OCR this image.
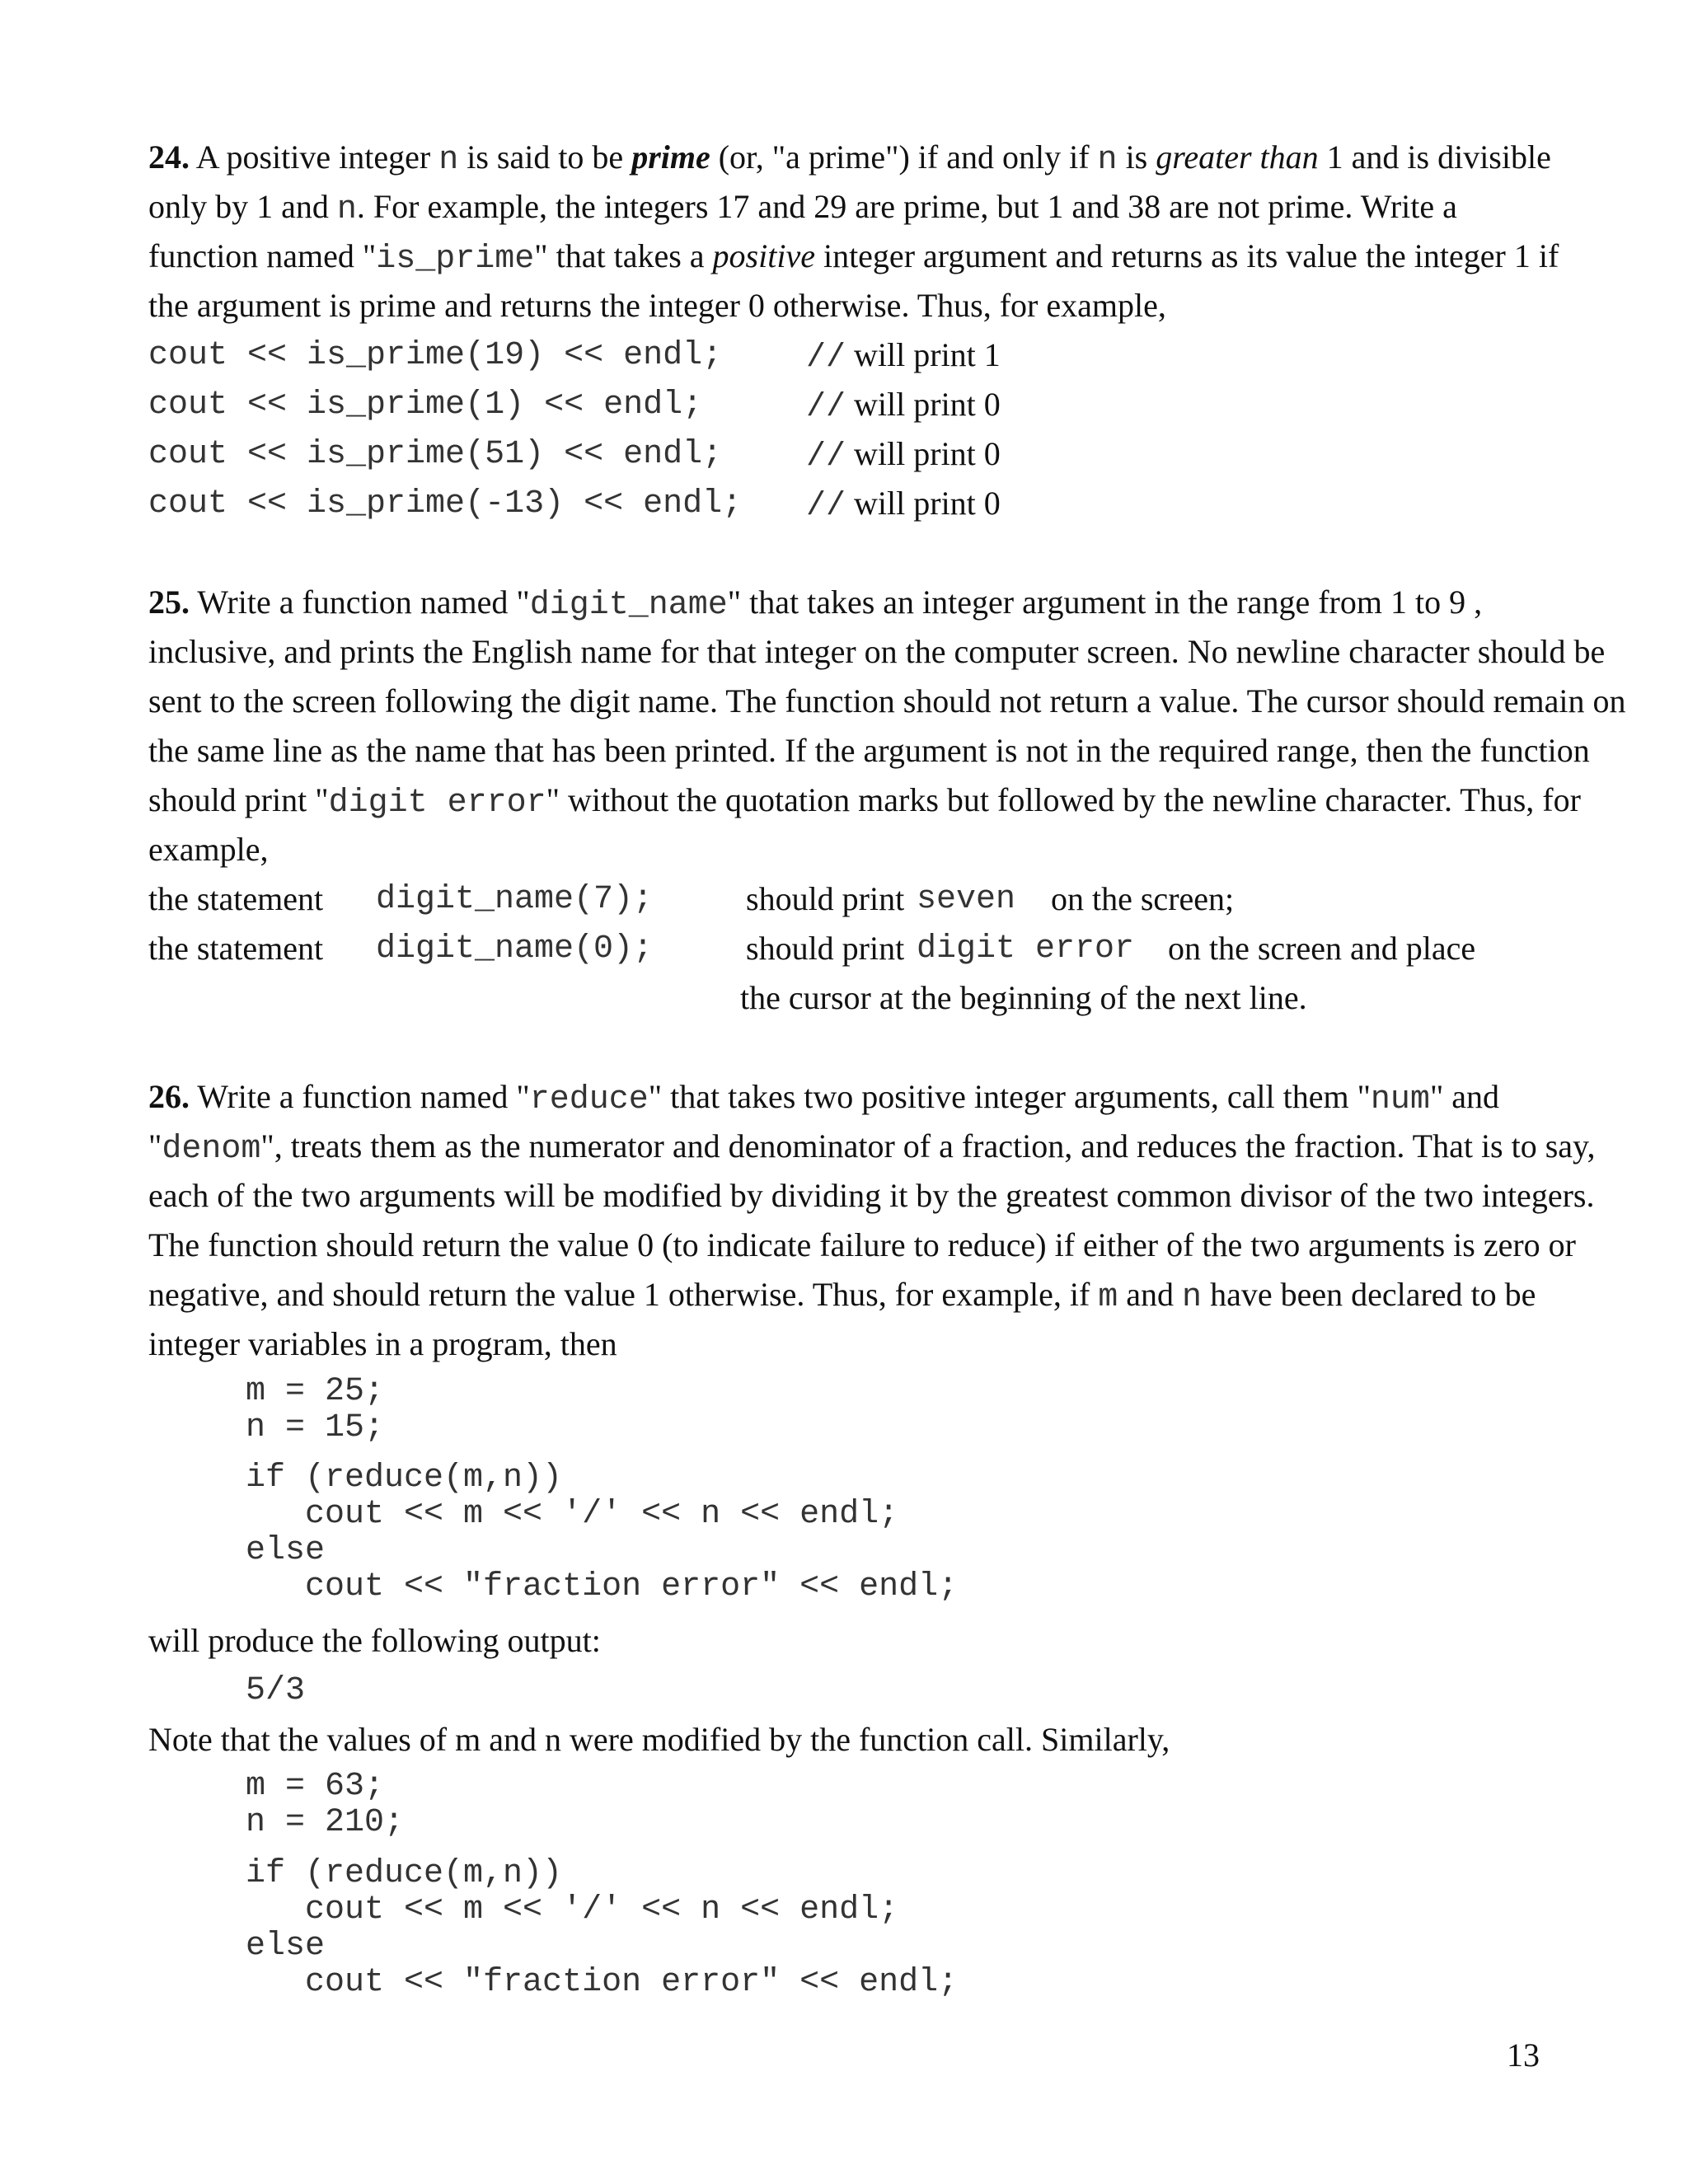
24. A positive integer n is said to be prime (or, "a prime") if and only if n is greater than 1 and is divisible
only by 1 and n. For example, the integers 17 and 29 are prime, but 1 and 38 are not prime. Write a
function named "is_prime" that takes a positive integer argument and returns as its value the integer 1 if
the argument is prime and returns the integer 0 otherwise. Thus, for example,
cout << is_prime(19) << endl;	// will print 1
cout << is_prime(1) << endl;	// will print 0
cout << is_prime(51) << endl;	// will print 0
cout << is_prime(-13) << endl; // will print 0
25. Write a function named "digit_name" that takes an integer argument in the range from 1 to 9 ,
inclusive, and prints the English name for that integer on the computer screen. No newline character should be
sent to the screen following the digit name. The function should not return a value. The cursor should remain on
the same line as the name that has been printed. If the argument is not in the required range, then the function
should print "digit error" without the quotation marks but followed by the newline character. Thus, for
example,
the statement digit_name(7);	should print seven on the screen;
the statement digit_name(0);	should print digit error on the screen and place
the cursor at the beginning of the next line.
26. Write a function named "reduce" that takes two positive integer arguments, call them "num" and
"denom", treats them as the numerator and denominator of a fraction, and reduces the fraction. That is to say,
each of the two arguments will be modified by dividing it by the greatest common divisor of the two integers.
The function should return the value 0 (to indicate failure to reduce) if either of the two arguments is zero or
negative, and should return the value 1 otherwise. Thus, for example, if m and n have been declared to be
integer variables in a program, then
m = 25;
n = 15;
if (reduce(m,n))
cout << m << '/' << n << endl;
else
cout << "fraction error" << endl;
will produce the following output:
5/3
Note that the values of m and n were modified by the function call. Similarly,
m = 63;
n = 210;
if (reduce(m,n))
cout << m << '/' << n << endl;
else
cout << "fraction error" << endl;
13
